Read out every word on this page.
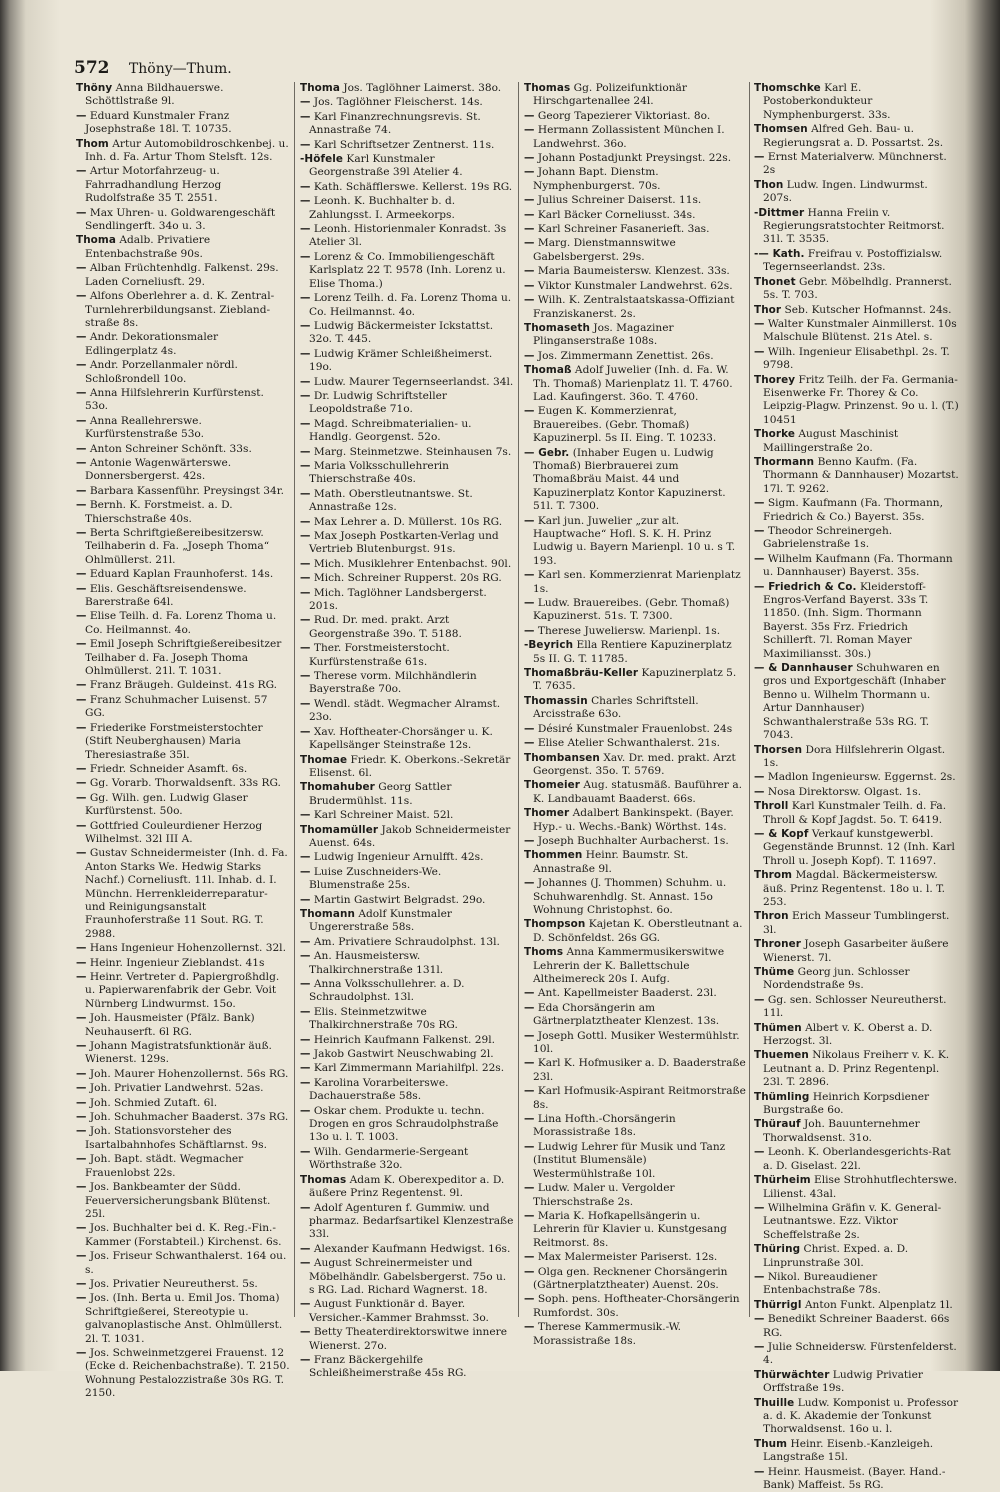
572 Thöny—Thum.
Thöny Anna Bildhauerswe. Schöttlstraße 9l.
— Eduard Kunstmaler Franz Josephstraße 18l. T. 10735.
Thom Artur Automobildroschkenbej. u. Inh. d. Fa. Artur Thom Stelsft. 12s.
— Artur Motorfahrzeug- u. Fahrradhandlung Herzog Rudolfstraße 35 T. 2551.
— Max Uhren- u. Goldwarengeschäft Sendlingerft. 34o u. 3.
Thoma Adalb. Privatiere Entenbachstraße 90s.
— Alban Früchtenhdlg. Falkenst. 29s. Laden Corneliusft. 29.
— Alfons Oberlehrer a. d. K. Zentral-Turnlehrerbildungsanst. Ziebland-straße 8s.
— Andr. Dekorationsmaler Edlingerplatz 4s.
— Andr. Porzellanmaler nördl. Schloßrondell 10o.
— Anna Hilfslehrerin Kurfürstenst. 53o.
— Anna Reallehrerswe. Kurfürstenstraße 53o.
— Anton Schreiner Schönft. 33s.
— Antonie Wagenwärterswe. Donnersbergerst. 42s.
— Barbara Kassenführ. Preysingst 34r.
— Bernh. K. Forstmeist. a. D. Thierschstraße 40s.
— Berta Schriftgießereibesitzersw. Teilhaberin d. Fa. „Joseph Thoma“ Ohlmüllerst. 21l.
— Eduard Kaplan Fraunhoferst. 14s.
— Elis. Geschäftsreisendenswe. Barerstraße 64l.
— Elise Teilh. d. Fa. Lorenz Thoma u. Co. Heilmannst. 4o.
— Emil Joseph Schriftgießereibesitzer Teilhaber d. Fa. Joseph Thoma Ohlmüllerst. 21l. T. 1031.
— Franz Bräugeh. Guldeinst. 41s RG.
— Franz Schuhmacher Luisenst. 57 GG.
— Friederike Forstmeisterstochter (Stift Neuberghausen) Maria Theresiastraße 35l.
— Friedr. Schneider Asamft. 6s.
— Gg. Vorarb. Thorwaldsenft. 33s RG.
— Gg. Wilh. gen. Ludwig Glaser Kurfürstenst. 50o.
— Gottfried Couleurdiener Herzog Wilhelmst. 32l III A.
— Gustav Schneidermeister (Inh. d. Fa. Anton Starks We. Hedwig Starks Nachf.) Corneliusft. 11l. Inhab. d. I. Münchn. Herrenkleiderreparatur- und Reinigungsanstalt Fraunhoferstraße 11 Sout. RG. T. 2988.
— Hans Ingenieur Hohenzollernst. 32l.
— Heinr. Ingenieur Zieblandst. 41s
— Heinr. Vertreter d. Papiergroßhdlg. u. Papierwarenfabrik der Gebr. Voit Nürnberg Lindwurmst. 15o.
— Joh. Hausmeister (Pfälz. Bank) Neuhauserft. 6l RG.
— Johann Magistratsfunktionär äuß. Wienerst. 129s.
— Joh. Maurer Hohenzollernst. 56s RG.
— Joh. Privatier Landwehrst. 52as.
— Joh. Schmied Zutaft. 6l.
— Joh. Schuhmacher Baaderst. 37s RG.
— Joh. Stationsvorsteher des Isartalbahnhofes Schäftlarnst. 9s.
— Joh. Bapt. städt. Wegmacher Frauenlobst 22s.
— Jos. Bankbeamter der Südd. Feuerversicherungsbank Blütenst. 25l.
— Jos. Buchhalter bei d. K. Reg.-Fin.-Kammer (Forstabteil.) Kirchenst. 6s.
— Jos. Friseur Schwanthalerst. 164 ou. s.
— Jos. Privatier Neureutherst. 5s.
— Jos. (Inh. Berta u. Emil Jos. Thoma) Schriftgießerei, Stereotypie u. galvanoplastische Anst. Ohlmüllerst. 2l. T. 1031.
— Jos. Schweinmetzgerei Frauenst. 12 (Ecke d. Reichenbachstraße). T. 2150. Wohnung Pestalozzistraße 30s RG. T. 2150.
Thoma Jos. Taglöhner Laimerst. 38o.
— Jos. Taglöhner Fleischerst. 14s.
— Karl Finanzrechnungsrevis. St. Annastraße 74.
— Karl Schriftsetzer Zentnerst. 11s.
-Höfele Karl Kunstmaler Georgenstraße 39l Atelier 4.
— Kath. Schäfflerswe. Kellerst. 19s RG.
— Leonh. K. Buchhalter b. d. Zahlungsst. I. Armeekorps.
— Leonh. Historienmaler Konradst. 3s Atelier 3l.
— Lorenz & Co. Immobiliengeschäft Karlsplatz 22 T. 9578 (Inh. Lorenz u. Elise Thoma.)
— Lorenz Teilh. d. Fa. Lorenz Thoma u. Co. Heilmannst. 4o.
— Ludwig Bäckermeister Ickstattst. 32o. T. 445.
— Ludwig Krämer Schleißheimerst. 19o.
— Ludw. Maurer Tegernseerlandst. 34l.
— Dr. Ludwig Schriftsteller Leopoldstraße 71o.
— Magd. Schreibmaterialien- u. Handlg. Georgenst. 52o.
— Marg. Steinmetzwe. Steinhausen 7s.
— Maria Volksschullehrerin Thierschstraße 40s.
— Math. Oberstleutnantswe. St. Annastraße 12s.
— Max Lehrer a. D. Müllerst. 10s RG.
— Max Joseph Postkarten-Verlag und Vertrieb Blutenburgst. 91s.
— Mich. Musiklehrer Entenbachst. 90l.
— Mich. Schreiner Rupperst. 20s RG.
— Mich. Taglöhner Landsbergerst. 201s.
— Rud. Dr. med. prakt. Arzt Georgenstraße 39o. T. 5188.
— Ther. Forstmeisterstocht. Kurfürstenstraße 61s.
— Therese vorm. Milchhändlerin Bayerstraße 70o.
— Wendl. städt. Wegmacher Alramst. 23o.
— Xav. Hoftheater-Chorsänger u. K. Kapellsänger Steinstraße 12s.
Thomae Friedr. K. Oberkons.-Sekretär Elisenst. 6l.
Thomahuber Georg Sattler Brudermühlst. 11s.
— Karl Schreiner Maist. 52l.
Thomamüller Jakob Schneidermeister Auenst. 64s.
— Ludwig Ingenieur Arnulfft. 42s.
— Luise Zuschneiders-We. Blumenstraße 25s.
— Martin Gastwirt Belgradst. 29o.
Thomann Adolf Kunstmaler Ungererstraße 58s.
— Am. Privatiere Schraudolphst. 13l.
— An. Hausmeistersw. Thalkirchnerstraße 131l.
— Anna Volksschullehrer. a. D. Schraudolphst. 13l.
— Elis. Steinmetzwitwe Thalkirchnerstraße 70s RG.
— Heinrich Kaufmann Falkenst. 29l.
— Jakob Gastwirt Neuschwabing 2l.
— Karl Zimmermann Mariahilfpl. 22s.
— Karolina Vorarbeiterswe. Dachauerstraße 58s.
— Oskar chem. Produkte u. techn. Drogen en gros Schraudolphstraße 13o u. l. T. 1003.
— Wilh. Gendarmerie-Sergeant Wörthstraße 32o.
Thomas Adam K. Oberexpeditor a. D. äußere Prinz Regentenst. 9l.
— Adolf Agenturen f. Gummiw. und pharmaz. Bedarfsartikel Klenzestraße 33l.
— Alexander Kaufmann Hedwigst. 16s.
— August Schreinermeister und Möbelhändlr. Gabelsbergerst. 75o u. s RG. Lad. Richard Wagnerst. 18.
— August Funktionär d. Bayer. Versicher.-Kammer Brahmsst. 3o.
— Betty Theaterdirektorswitwe innere Wienerst. 27o.
— Franz Bäckergehilfe Schleißheimerstraße 45s RG.
Thomas Gg. Polizeifunktionär Hirschgartenallee 24l.
— Georg Tapezierer Viktoriast. 8o.
— Hermann Zollassistent München I. Landwehrst. 36o.
— Johann Postadjunkt Preysingst. 22s.
— Johann Bapt. Dienstm. Nymphenburgerst. 70s.
— Julius Schreiner Daiserst. 11s.
— Karl Bäcker Corneliusst. 34s.
— Karl Schreiner Fasanerieft. 3as.
— Marg. Dienstmannswitwe Gabelsbergerst. 29s.
— Maria Baumeistersw. Klenzest. 33s.
— Viktor Kunstmaler Landwehrst. 62s.
— Wilh. K. Zentralstaatskassa-Offiziant Franziskanerst. 2s.
Thomaseth Jos. Magaziner Plinganserstraße 108s.
— Jos. Zimmermann Zenettist. 26s.
Thomaß Adolf Juwelier (Inh. d. Fa. W. Th. Thomaß) Marienplatz 1l. T. 4760. Lad. Kaufingerst. 36o. T. 4760.
— Eugen K. Kommerzienrat, Brauereibes. (Gebr. Thomaß) Kapuzinerpl. 5s II. Eing. T. 10233.
— Gebr. (Inhaber Eugen u. Ludwig Thomaß) Bierbrauerei zum Thomaßbräu Maist. 44 und Kapuzinerplatz Kontor Kapuzinerst. 51l. T. 7300.
— Karl jun. Juwelier „zur alt. Hauptwache“ Hofl. S. K. H. Prinz Ludwig u. Bayern Marienpl. 10 u. s T. 193.
— Karl sen. Kommerzienrat Marienplatz 1s.
— Ludw. Brauereibes. (Gebr. Thomaß) Kapuzinerst. 51s. T. 7300.
— Therese Juweliersw. Marienpl. 1s.
-Beyrich Ella Rentiere Kapuzinerplatz 5s II. G. T. 11785.
Thomaßbräu-Keller Kapuzinerplatz 5. T. 7635.
Thomassin Charles Schriftstell. Arcisstraße 63o.
— Désiré Kunstmaler Frauenlobst. 24s
— Elise Atelier Schwanthalerst. 21s.
Thombansen Xav. Dr. med. prakt. Arzt Georgenst. 35o. T. 5769.
Thomeier Aug. statusmäß. Bauführer a. K. Landbauamt Baaderst. 66s.
Thomer Adalbert Bankinspekt. (Bayer. Hyp.- u. Wechs.-Bank) Wörthst. 14s.
— Joseph Buchhalter Aurbacherst. 1s.
Thommen Heinr. Baumstr. St. Annastraße 9l.
— Johannes (J. Thommen) Schuhm. u. Schuhwarenhdlg. St. Annast. 15o Wohnung Christophst. 6o.
Thompson Kajetan K. Oberstleutnant a. D. Schönfeldst. 26s GG.
Thoms Anna Kammermusikerswitwe Lehrerin der K. Ballettschule Altheimereck 20s I. Aufg.
— Ant. Kapellmeister Baaderst. 23l.
— Eda Chorsängerin am Gärtnerplatztheater Klenzest. 13s.
— Joseph Gottl. Musiker Westermühlstr. 10l.
— Karl K. Hofmusiker a. D. Baaderstraße 23l.
— Karl Hofmusik-Aspirant Reitmorstraße 8s.
— Lina Hofth.-Chorsängerin Morassistraße 18s.
— Ludwig Lehrer für Musik und Tanz (Institut Blumensäle) Westermühlstraße 10l.
— Ludw. Maler u. Vergolder Thierschstraße 2s.
— Maria K. Hofkapellsängerin u. Lehrerin für Klavier u. Kunstgesang Reitmorst. 8s.
— Max Malermeister Pariserst. 12s.
— Olga gen. Recknener Chorsängerin (Gärtnerplatztheater) Auenst. 20s.
— Soph. pens. Hoftheater-Chorsängerin Rumfordst. 30s.
— Therese Kammermusik.-W. Morassistraße 18s.
Thomschke Karl E. Postoberkondukteur Nymphenburgerst. 33s.
Thomsen Alfred Geh. Bau- u. Regierungsrat a. D. Possartst. 2s.
— Ernst Materialverw. Münchnerst. 2s
Thon Ludw. Ingen. Lindwurmst. 207s.
-Dittmer Hanna Freiin v. Regierungsratstochter Reitmorst. 31l. T. 3535.
-— Kath. Freifrau v. Postoffizialsw. Tegernseerlandst. 23s.
Thonet Gebr. Möbelhdlg. Prannerst. 5s. T. 703.
Thor Seb. Kutscher Hofmannst. 24s.
— Walter Kunstmaler Ainmillerst. 10s Malschule Blütenst. 21s Atel. s.
— Wilh. Ingenieur Elisabethpl. 2s. T. 9798.
Thorey Fritz Teilh. der Fa. Germania-Eisenwerke Fr. Thorey & Co. Leipzig-Plagw. Prinzenst. 9o u. l. (T.) 10451
Thorke August Maschinist Maillingerstraße 2o.
Thormann Benno Kaufm. (Fa. Thormann & Dannhauser) Mozartst. 17l. T. 9262.
— Sigm. Kaufmann (Fa. Thormann, Friedrich & Co.) Bayerst. 35s.
— Theodor Schreinergeh. Gabrielenstraße 1s.
— Wilhelm Kaufmann (Fa. Thormann u. Dannhauser) Bayerst. 35s.
— Friedrich & Co. Kleiderstoff-Engros-Verfand Bayerst. 33s T. 11850. (Inh. Sigm. Thormann Bayerst. 35s Frz. Friedrich Schillerft. 7l. Roman Mayer Maximiliansst. 30s.)
— & Dannhauser Schuhwaren en gros und Exportgeschäft (Inhaber Benno u. Wilhelm Thormann u. Artur Dannhauser) Schwanthalerstraße 53s RG. T. 7043.
Thorsen Dora Hilfslehrerin Olgast. 1s.
— Madlon Ingenieursw. Eggernst. 2s.
— Nosa Direktorsw. Olgast. 1s.
Throll Karl Kunstmaler Teilh. d. Fa. Throll & Kopf Jagdst. 5o. T. 6419.
— & Kopf Verkauf kunstgewerbl. Gegenstände Brunnst. 12 (Inh. Karl Throll u. Joseph Kopf). T. 11697.
Throm Magdal. Bäckermeistersw. äuß. Prinz Regentenst. 18o u. l. T. 253.
Thron Erich Masseur Tumblingerst. 3l.
Throner Joseph Gasarbeiter äußere Wienerst. 7l.
Thüme Georg jun. Schlosser Nordendstraße 9s.
— Gg. sen. Schlosser Neureutherst. 11l.
Thümen Albert v. K. Oberst a. D. Herzogst. 3l.
Thuemen Nikolaus Freiherr v. K. K. Leutnant a. D. Prinz Regentenpl. 23l. T. 2896.
Thümling Heinrich Korpsdiener Burgstraße 6o.
Thürauf Joh. Bauunternehmer Thorwaldsenst. 31o.
— Leonh. K. Oberlandesgerichts-Rat a. D. Giselast. 22l.
Thürheim Elise Strohhutflechterswe. Lilienst. 43al.
— Wilhelmina Gräfin v. K. General-Leutnantswe. Ezz. Viktor Scheffelstraße 2s.
Thüring Christ. Exped. a. D. Linprunstraße 30l.
— Nikol. Bureaudiener Entenbachstraße 78s.
Thürrigl Anton Funkt. Alpenplatz 1l.
— Benedikt Schreiner Baaderst. 66s RG.
— Julie Schneidersw. Fürstenfelderst. 4.
Thürwächter Ludwig Privatier Orffstraße 19s.
Thuille Ludw. Komponist u. Professor a. d. K. Akademie der Tonkunst Thorwaldsenst. 16o u. l.
Thum Heinr. Eisenb.-Kanzleigeh. Langstraße 15l.
— Heinr. Hausmeist. (Bayer. Hand.-Bank) Maffeist. 5s RG.
